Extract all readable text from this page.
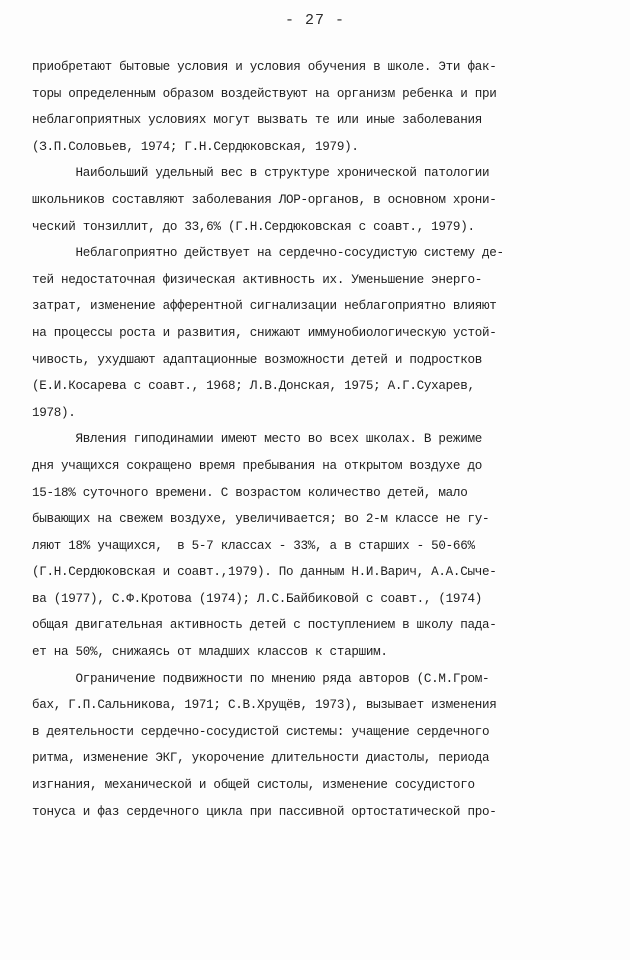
- 27 -
приобретают бытовые условия и условия обучения в школе. Эти фак-
торы определенным образом воздействуют на организм ребенка и при
неблагоприятных условиях могут вызвать те или иные заболевания
(З.П.Соловьев, 1974; Г.Н.Сердюковская, 1979).
Наибольший удельный вес в структуре хронической патологии
школьников составляют заболевания ЛОР-органов, в основном хрони-
ческий тонзиллит, до 33,6% (Г.Н.Сердюковская с соавт., 1979).
Неблагоприятно действует на сердечно-сосудистую систему де-
тей недостаточная физическая активность их. Уменьшение энерго-
затрат, изменение афферентной сигнализации неблагоприятно влияют
на процессы роста и развития, снижают иммунобиологическую устой-
чивость, ухудшают адаптационные возможности детей и подростков
(Е.И.Косарева с соавт., 1968; Л.В.Донская, 1975; А.Г.Сухарев,
1978).
Явления гиподинамии имеют место во всех школах. В режиме
дня учащихся сокращено время пребывания на открытом воздухе до
15-18% суточного времени. С возрастом количество детей, мало
бывающих на свежем воздухе, увеличивается; во 2-м классе не гу-
ляют 18% учащихся,  в 5-7 классах - 33%, а в старших - 50-66%
(Г.Н.Сердюковская и соавт.,1979). По данным Н.И.Варич, А.А.Сыче-
ва (1977), С.Ф.Кротова (1974); Л.С.Байбиковой с соавт., (1974)
общая двигательная активность детей с поступлением в школу пада-
ет на 50%, снижаясь от младших классов к старшим.
Ограничение подвижности по мнению ряда авторов (С.М.Гром-
бах, Г.П.Сальникова, 1971; С.В.Хрущёв, 1973), вызывает изменения
в деятельности сердечно-сосудистой системы: учащение сердечного
ритма, изменение ЭКГ, укорочение длительности диастолы, периода
изгнания, механической и общей систолы, изменение сосудистого
тонуса и фаз сердечного цикла при пассивной ортостатической про-
